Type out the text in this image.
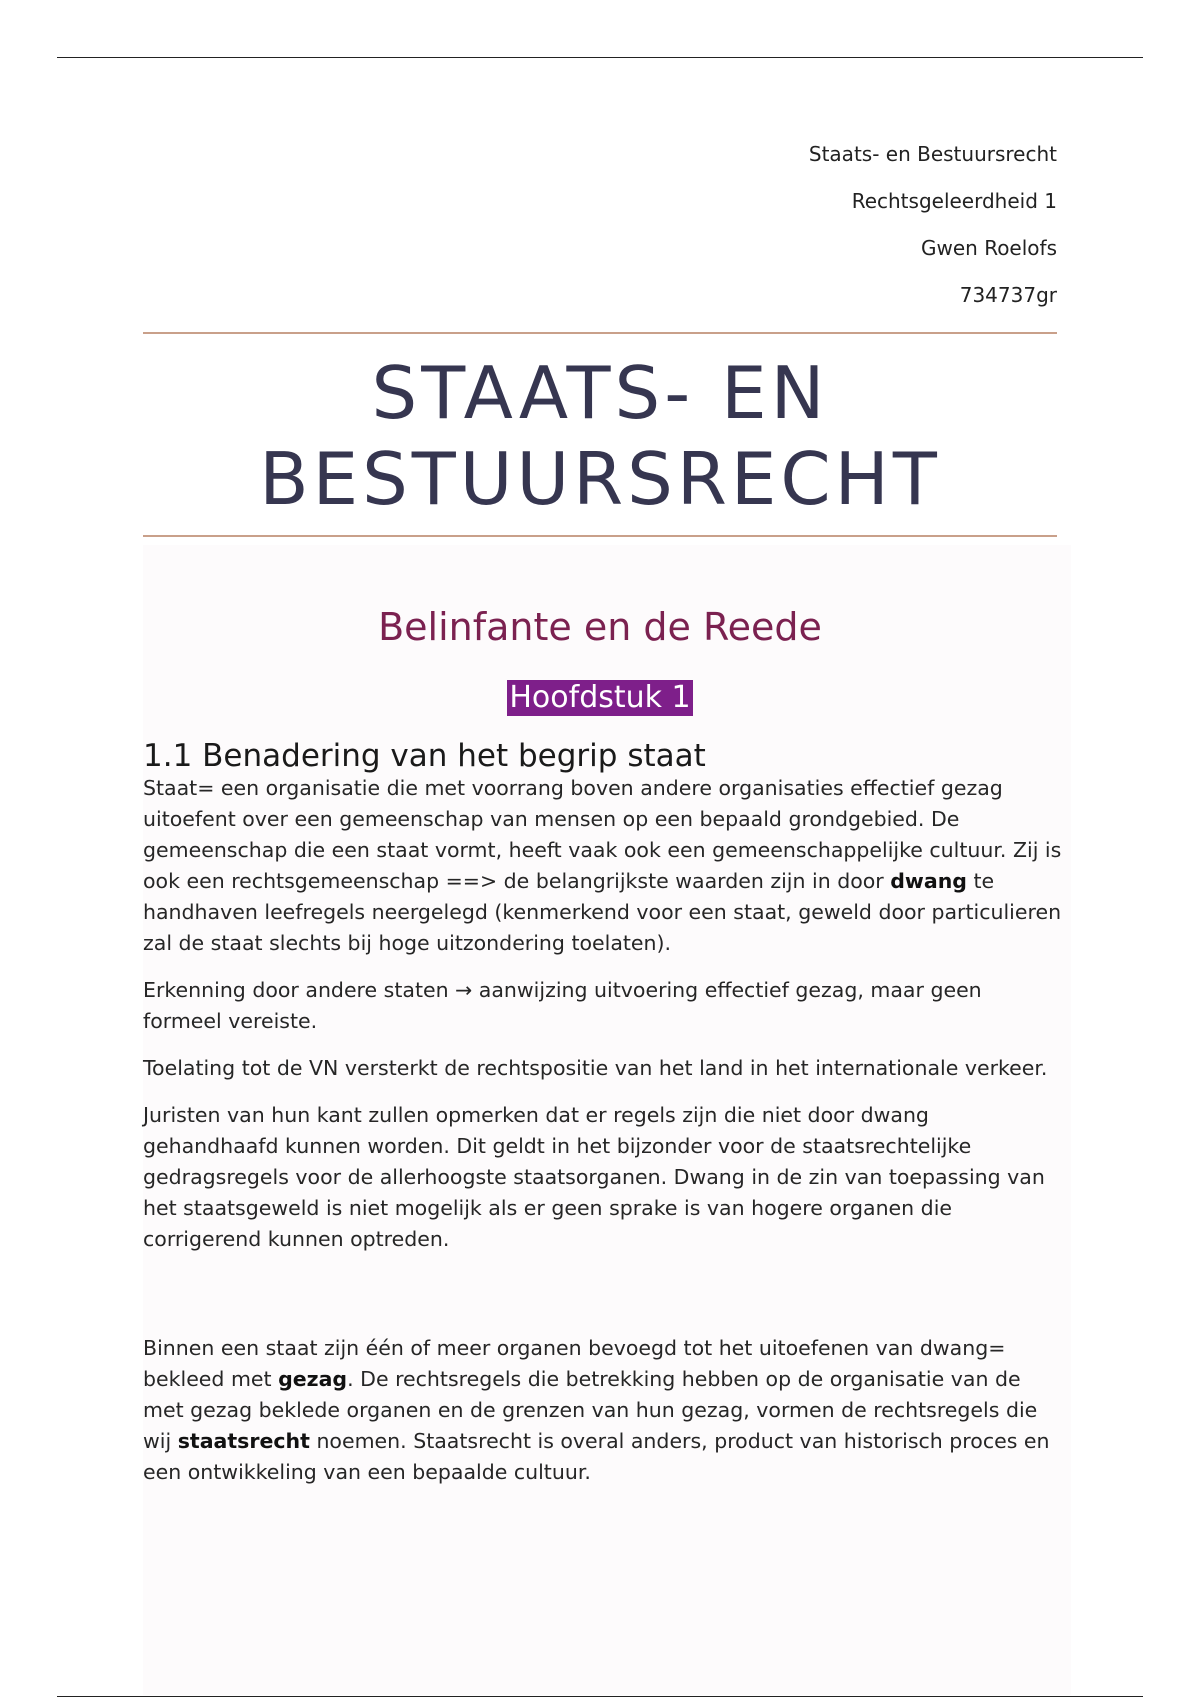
Staats- en Bestuursrecht
Rechtsgeleerdheid 1
Gwen Roelofs
734737gr
STAATS- EN
BESTUURSRECHT
Belinfante en de Reede
Hoofdstuk 1
1.1 Benadering van het begrip staat

Staat= een organisatie die met voorrang boven andere organisaties effectief gezag uitoefent over een gemeenschap van mensen op een bepaald grondgebied. De gemeenschap die een staat vormt, heeft vaak ook een gemeenschappelijke cultuur. Zij is ook een rechtsgemeenschap ==> de belangrijkste waarden zijn in door dwang te handhaven leefregels neergelegd (kenmerkend voor een staat, geweld door particulieren zal de staat slechts bij hoge uitzondering toelaten).

Erkenning door andere staten → aanwijzing uitvoering effectief gezag, maar geen formeel vereiste.

Toelating tot de VN versterkt de rechtspositie van het land in het internationale verkeer.

Juristen van hun kant zullen opmerken dat er regels zijn die niet door dwang gehandhaafd kunnen worden. Dit geldt in het bijzonder voor de staatsrechtelijke gedragsregels voor de allerhoogste staatsorganen. Dwang in de zin van toepassing van het staatsgeweld is niet mogelijk als er geen sprake is van hogere organen die corrigerend kunnen optreden.

Binnen een staat zijn één of meer organen bevoegd tot het uitoefenen van dwang= bekleed met gezag. De rechtsregels die betrekking hebben op de organisatie van de met gezag beklede organen en de grenzen van hun gezag, vormen de rechtsregels die wij staatsrecht noemen. Staatsrecht is overal anders, product van historisch proces en een ontwikkeling van een bepaalde cultuur.
